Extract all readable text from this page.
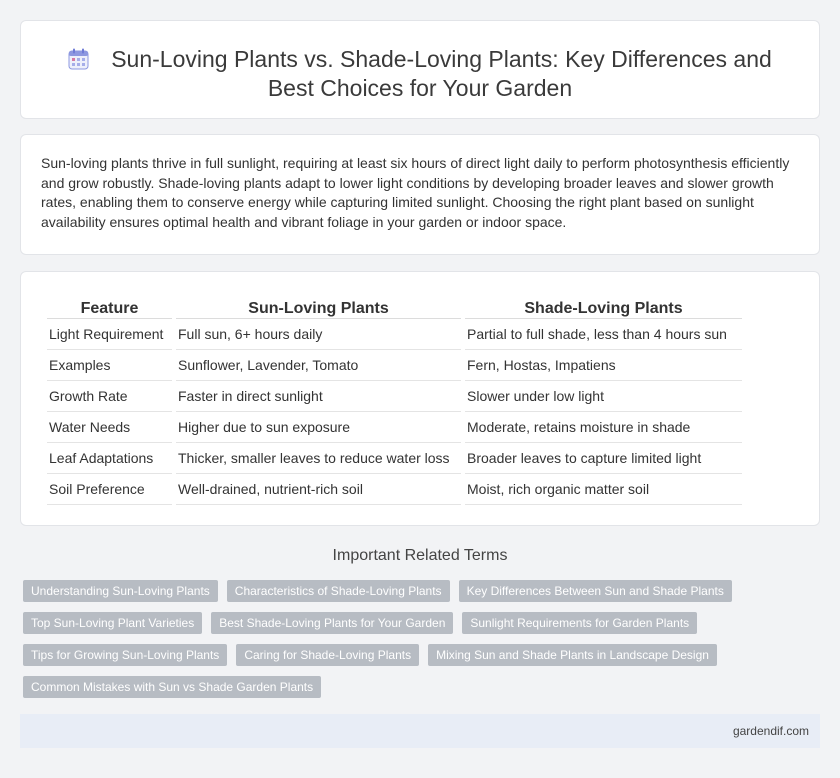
Sun-Loving Plants vs. Shade-Loving Plants: Key Differences and Best Choices for Your Garden

Sun-loving plants thrive in full sunlight, requiring at least six hours of direct light daily to perform photosynthesis efficiently and grow robustly. Shade-loving plants adapt to lower light conditions by developing broader leaves and slower growth rates, enabling them to conserve energy while capturing limited sunlight. Choosing the right plant based on sunlight availability ensures optimal health and vibrant foliage in your garden or indoor space.

Feature	Sun-Loving Plants	Shade-Loving Plants
Light Requirement	Full sun, 6+ hours daily	Partial to full shade, less than 4 hours sun
Examples	Sunflower, Lavender, Tomato	Fern, Hostas, Impatiens
Growth Rate	Faster in direct sunlight	Slower under low light
Water Needs	Higher due to sun exposure	Moderate, retains moisture in shade
Leaf Adaptations	Thicker, smaller leaves to reduce water loss	Broader leaves to capture limited light
Soil Preference	Well-drained, nutrient-rich soil	Moist, rich organic matter soil
Important Related Terms
Understanding Sun-Loving Plants	Characteristics of Shade-Loving Plants	Key Differences Between Sun and Shade Plants
Top Sun-Loving Plant Varieties	Best Shade-Loving Plants for Your Garden	Sunlight Requirements for Garden Plants
Tips for Growing Sun-Loving Plants	Caring for Shade-Loving Plants	Mixing Sun and Shade Plants in Landscape Design
Common Mistakes with Sun vs Shade Garden Plants
gardendif.com
